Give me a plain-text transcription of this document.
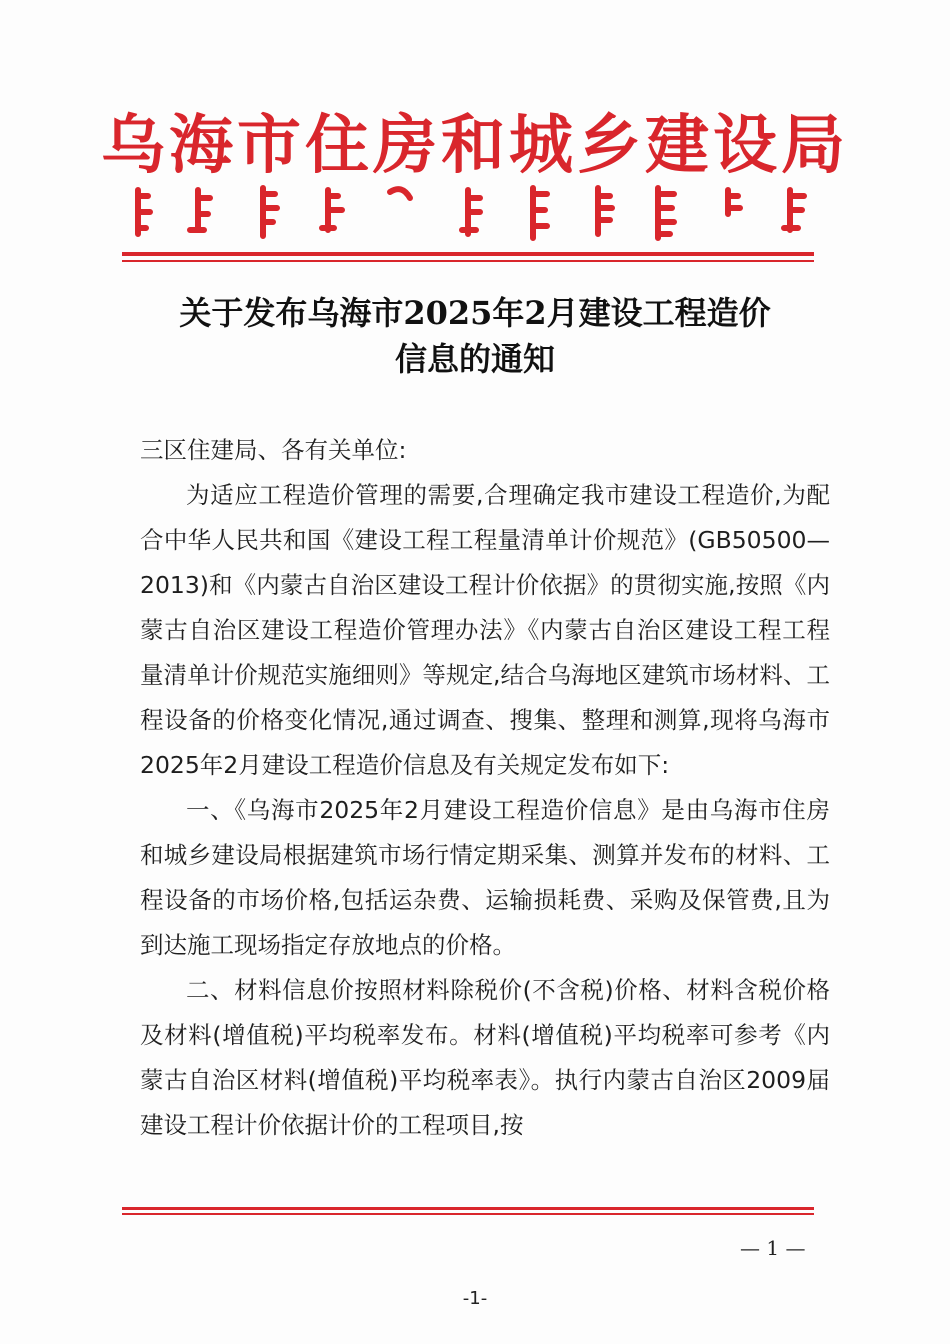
乌海市住房和城乡建设局
关于发布乌海市2025年2月建设工程造价
信息的通知

三区住建局、各有关单位:

为适应工程造价管理的需要,合理确定我市建设工程造价,为配合中华人民共和国《建设工程工程量清单计价规范》(GB50500—2013)和《内蒙古自治区建设工程计价依据》的贯彻实施,按照《内蒙古自治区建设工程造价管理办法》《内蒙古自治区建设工程工程量清单计价规范实施细则》等规定,结合乌海地区建筑市场材料、工程设备的价格变化情况,通过调查、搜集、整理和测算,现将乌海市2025年2月建设工程造价信息及有关规定发布如下:

一、《乌海市2025年2月建设工程造价信息》是由乌海市住房和城乡建设局根据建筑市场行情定期采集、测算并发布的材料、工程设备的市场价格,包括运杂费、运输损耗费、采购及保管费,且为到达施工现场指定存放地点的价格。

二、材料信息价按照材料除税价(不含税)价格、材料含税价格及材料(增值税)平均税率发布。材料(增值税)平均税率可参考《内蒙古自治区材料(增值税)平均税率表》。执行内蒙古自治区2009届建设工程计价依据计价的工程项目,按

— 1 —
-1-
